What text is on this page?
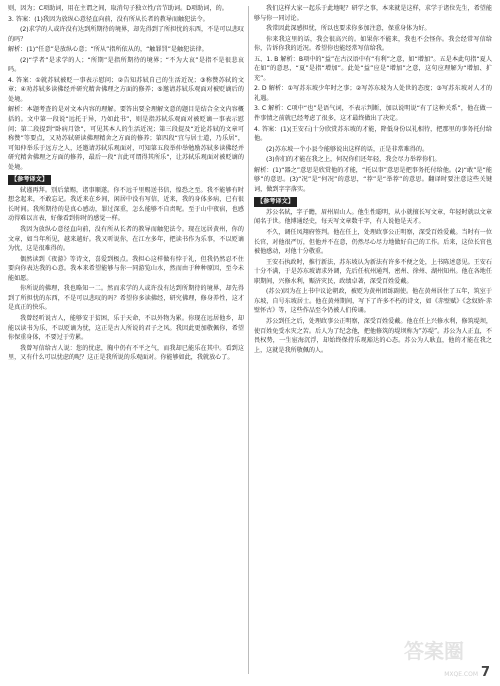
则，因为；C项助词，用在主谓之间，取消句子独立性/音节助词。D项助词，的。
3. 答案：(1)我因为放纵心意径直向前，没有所从长者的教导而触犯法令。
(2)求学的人或许没有达到所期待的境界，却先得到了所担忧的东西，不是可以悲叹的吗？
解析：(1)“任意”是放纵心意；“所从”指所依从的，“触罪罚”是触犯法律。
(2)“学者”是求学的人；“所期”是指所期待的境界；“不为大哀”是指不是很悲哀吗。
4. 答案：①就苏轼被贬一事表示慰问；②告知苏轼自己的生活近况；③称赞苏轼的文章；④劝苏轼多读佛经并研究精舍佛理之方面的修养；⑤邀请苏轼乐观面对被贬谪后的处境。
解析：本题考查的是对文本内容的理解。要答出要全理解文意的题目是结合全文内容概括的。文中第一段说“远托于异，乃如此书”，则是指苏轼乐观面对被贬谪一事表示慰问；第二段提到“卧病月馀”，可见其本人的生活近况；第三段提及“近论苏轼的文章可称赞”等要点，又劝苏轼研读佛理精舍之方面的修养；第四段“宜与居士道，乃乐居”，可知仲举乐于远方之人，还邀请苏轼乐观面对，可知第五段举仲举勉励苏轼多读佛经并研究精舍佛理之方面的修养，最后一段“言此可谓得其所乐”，让苏轼乐观面对被贬谪的处境。
【参考译文】
轼谨再拜。别后蒙赐，诸事顺遂。你不远千里赐送书信，惶恐之至。我不能够有时想念起来，不敢忘记。我近来在乡间，闲居中没有写信，近来，我的身体多病，已有很长时间。我所期待的是真心感动，罪过深重，怎么能够不自责呢。至于山中夜宿，也感动得难以言表，好像看到你时的感觉一样。
我因为放纵心意径直向前，没有所从长者的教导而触犯法令。现在远居黄州，你的文章，如当年所见，越来越好。我又听说你，在江左多年，把读书作为乐事，不以贬谪为忧，这是很难得的。
偶然读到《夜游》等诗文，喜爱到极点。我担心这样做有悖于礼，但我仍然忍不住要向你表达我的心意。我本来希望能够与你一同游览山水，然而由于种种原因，至今未能如愿。
你所说的佛理，我也略知一二。然而求学的人或许没有达到所期待的境界，却先得到了所担忧的东西，不是可以悲叹的吗？希望你多读佛经，研究佛理，修身养性，这才是真正的快乐。
我曾经听说古人，能够安于贫困，乐于天命，不以外物为累。你现在远居他乡，却能以读书为乐，不以贬谪为忧，这正是古人所说的君子之风。我因此更加敬佩你，希望你保重身体，不要过于劳累。
我曾写信给古人说：您的忧虑，胸中仍有不平之气，而我却已能乐在其中。看到这里，又有什么可以忧虑的呢？这正是我所说的乐观面对。你能够如此，我就放心了。
我们这样大家一起乐于此地呢？研学之事，本来就是这样，求学于诸位先生，希望能够与你一同讨论。
我常因此深感担忧，所以也要求你多加注意，保重身体为好。
你来我这里的话，我会很高兴的。如果你不能来，我也不会怪你。我会经常写信给你，告诉你我的近况。希望你也能经常写信给我。
五、1. B 解析：B项中的“益”在古汉语中有“有利”之意，如“增加”。五是本此句指“夏人在如”的意思，“夏”是指“增加”。此处“益”应是“增加”之意，这句应理解为“增加、扩充”。
2. D 解析：①写苏东坡少年时之事；②写苏东坡为人处世的态度；③写苏东坡对人才的礼遇。
3. C 解析：C项中“也”是语气词，不表示判断，加以说明说“有了这种关系”，他在做一件事情之前就已经考虑了很多，这才最终做出了决定。
4. 答案：(1)(王安石)十分欣赏苏东坡的才能，降低身份以礼相待，把那里的事务托付给他。
(2)苏东坡一个小县令能够说出这样的话，正是非常难得的。
(3)你们的才能在我之上，何况你们还年轻，我会尽力举荐你们。
解析：(1)“器之”意思是欣赏他的才能，“托以事”意思是把事务托付给他。(2)“敢”是“能够”的意思。(3)“况”是“何况”的意思，“荐”是“举荐”的意思。翻译时要注意这些关键词，做到字字落实。
【参考译文】
苏公名轼，字子瞻，眉州眉山人。他生性聪明，从小就擅长写文章，年轻时就以文章闻名于世。他博通经史，每天写文章数千字，有人说他是天才。
不久，调任凤翔府签判。他在任上，处理政事公正明察，深受百姓爱戴。当时有一位长官，对他很严厉，但他并不在意，仍然尽心尽力地做好自己的工作。后来，这位长官也被他感动，对他十分敬重。
王安石执政时，推行新法，苏东坡认为新法有许多不便之处，上书陈述意见。王安石十分不满，于是苏东坡请求外调，先后任杭州通判，密州、徐州、湖州知州。他在各地任职期间，兴修水利，赈济灾民，政绩卓著，深受百姓爱戴。
(苏公)因为在上书中议论朝政，被贬为黄州团练副使。他在黄州居住了五年，筑室于东坡，自号东坡居士。他在黄州期间，写下了许多不朽的诗文，如《赤壁赋》《念奴娇·赤壁怀古》等，这些作品至今仍被人们传诵。
苏公到任之后，处理政事公正明察，深受百姓爱戴。他在任上兴修水利，修筑堤坝，使百姓免受水灾之苦。后人为了纪念他，把他修筑的堤坝称为“苏堤”。苏公为人正直，不畏权势，一生宦海沉浮，却始终保持乐观豁达的心态。苏公为人耿直，他的才能在我之上，这就是我所敬佩的人。
答案圈
MXQE.COM 7
